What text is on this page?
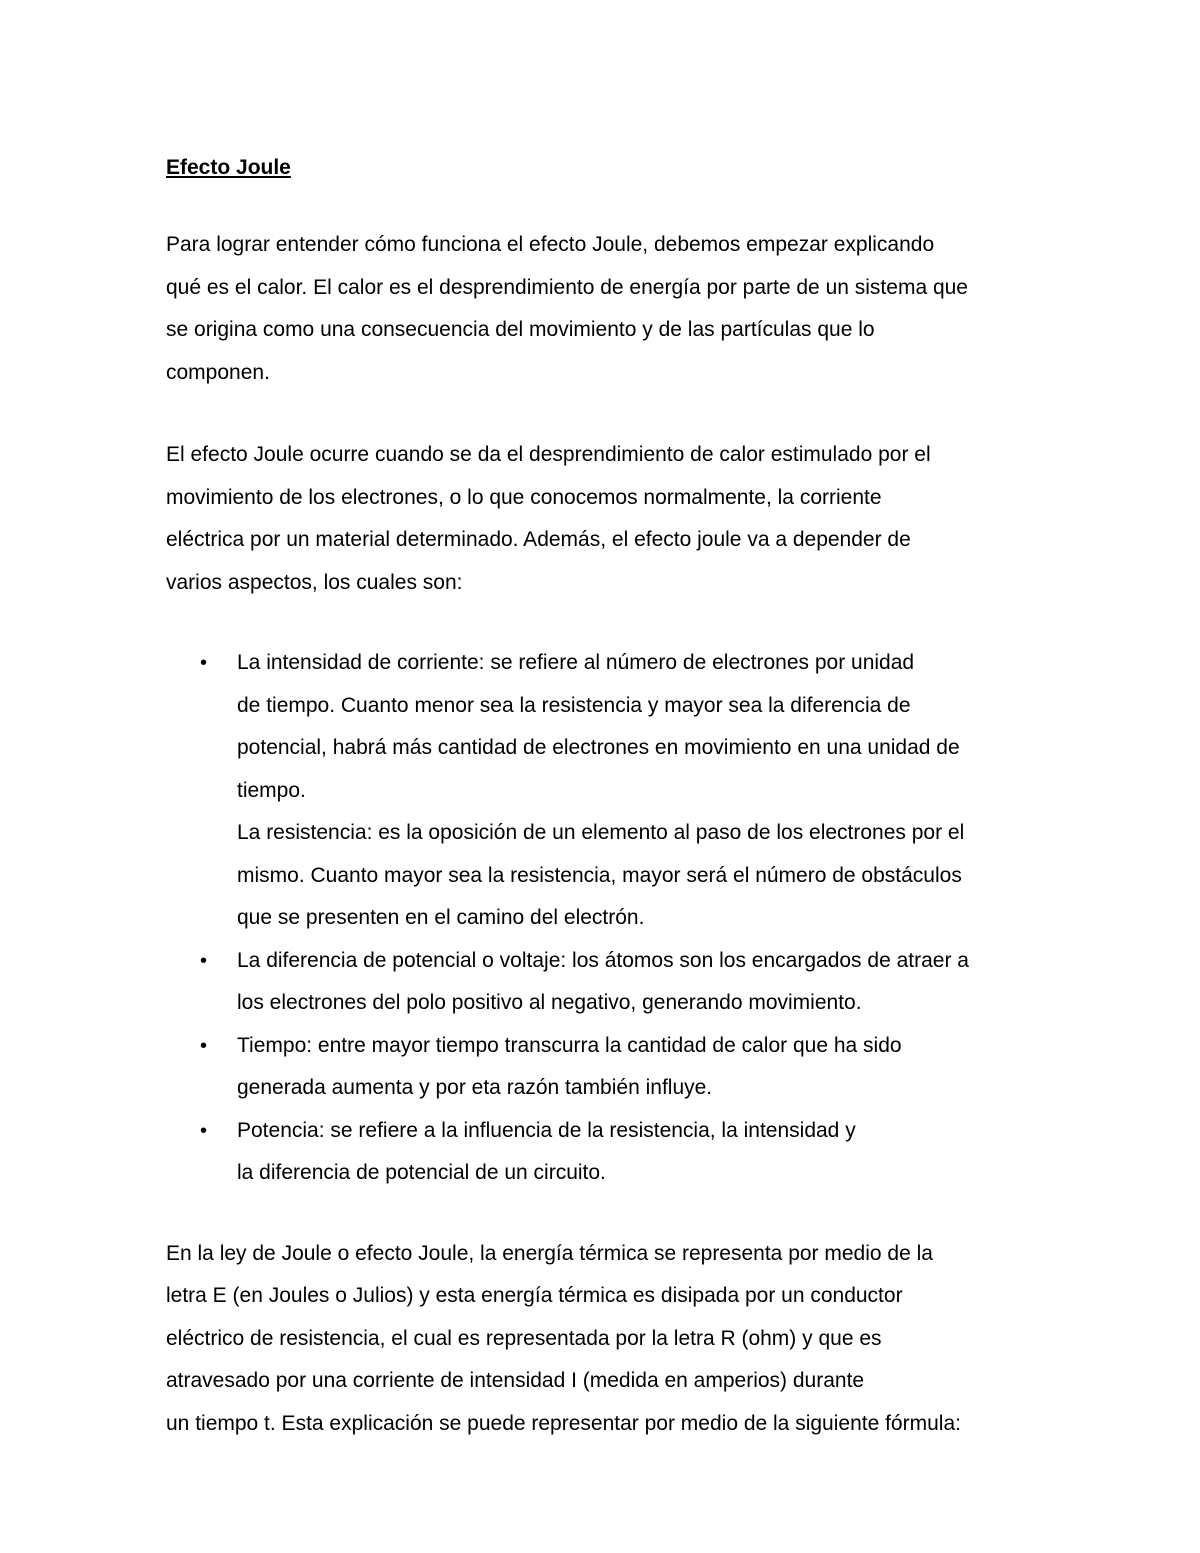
Efecto Joule
Para lograr entender cómo funciona el efecto Joule, debemos empezar explicando
qué es el calor. El calor es el desprendimiento de energía por parte de un sistema que
se origina como una consecuencia del movimiento y de las partículas que lo
componen.
El efecto Joule ocurre cuando se da el desprendimiento de calor estimulado por el
movimiento de los electrones, o lo que conocemos normalmente, la corriente
eléctrica por un material determinado. Además, el efecto joule va a depender de
varios aspectos, los cuales son:
• La intensidad de corriente: se refiere al número de electrones por unidad
de tiempo. Cuanto menor sea la resistencia y mayor sea la diferencia de
potencial, habrá más cantidad de electrones en movimiento en una unidad de
tiempo.
La resistencia: es la oposición de un elemento al paso de los electrones por el
mismo. Cuanto mayor sea la resistencia, mayor será el número de obstáculos
que se presenten en el camino del electrón.
• La diferencia de potencial o voltaje: los átomos son los encargados de atraer a
los electrones del polo positivo al negativo, generando movimiento.
• Tiempo: entre mayor tiempo transcurra la cantidad de calor que ha sido
generada aumenta y por eta razón también influye.
• Potencia: se refiere a la influencia de la resistencia, la intensidad y
la diferencia de potencial de un circuito.
En la ley de Joule o efecto Joule, la energía térmica se representa por medio de la
letra E (en Joules o Julios) y esta energía térmica es disipada por un conductor
eléctrico de resistencia, el cual es representada por la letra R (ohm) y que es
atravesado por una corriente de intensidad I (medida en amperios) durante
un tiempo t. Esta explicación se puede representar por medio de la siguiente fórmula:
